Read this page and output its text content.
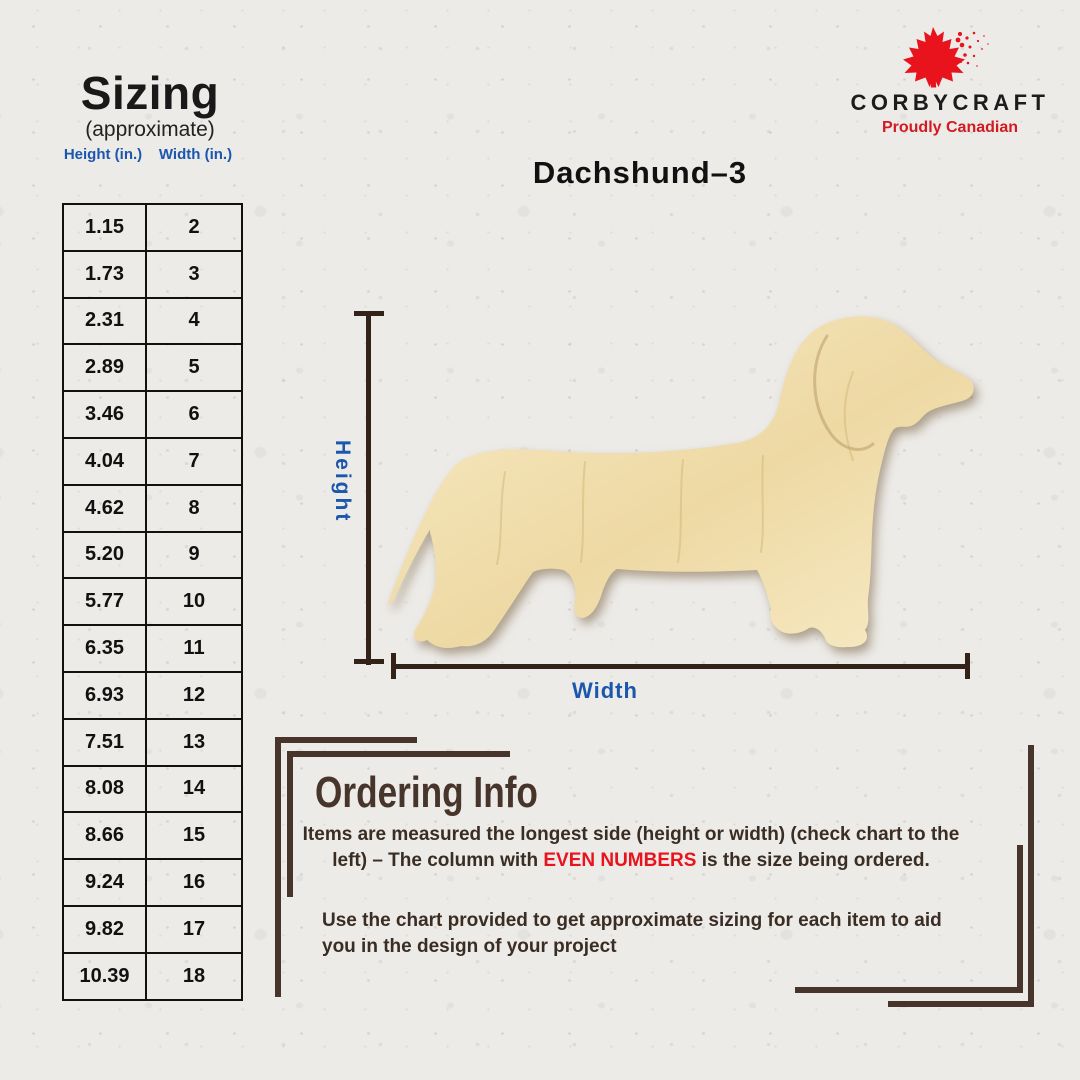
Sizing
(approximate)
Height (in.)	Width (in.)
1.15	2
1.73	3
2.31	4
2.89	5
3.46	6
4.04	7
4.62	8
5.20	9
5.77	10
6.35	11
6.93	12
7.51	13
8.08	14
8.66	15
9.24	16
9.82	17
10.39	18
CORBYCRAFT
Proudly Canadian
Dachshund–3
Height
Width
Ordering Info

Items are measured the longest side (height or width) (check chart to the left) – The column with EVEN NUMBERS is the size being ordered.

Use the chart provided to get approximate sizing for each item to aid you in the design of your project
